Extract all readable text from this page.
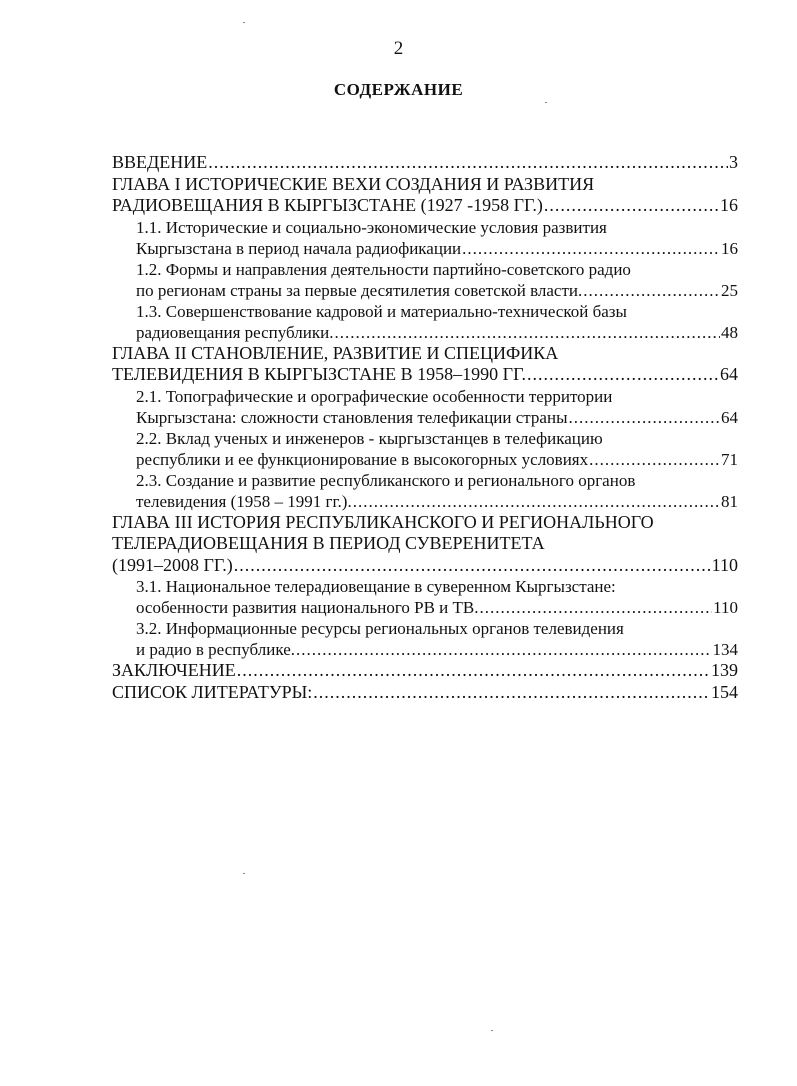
2
СОДЕРЖАНИЕ
ВВЕДЕНИЕ .....	3
ГЛАВА I ИСТОРИЧЕСКИЕ ВЕХИ СОЗДАНИЯ И РАЗВИТИЯ
РАДИОВЕЩАНИЯ В КЫРГЫЗСТАНЕ (1927 -1958 ГГ.) .....	16
1.1. Исторические и социально-экономические условия развития
Кыргызстана в период начала радиофикации .....	16
1.2. Формы и направления деятельности партийно-советского радио
по регионам страны за первые десятилетия советской власти. .....	25
1.3. Совершенствование кадровой и материально-технической базы
радиовещания республики. .....	48
ГЛАВА II СТАНОВЛЕНИЕ, РАЗВИТИЕ И СПЕЦИФИКА
ТЕЛЕВИДЕНИЯ В КЫРГЫЗСТАНЕ В 1958–1990 ГГ. .....	64
2.1. Топографические и орографические особенности территории
Кыргызстана: сложности становления телефикации страны .....	64
2.2. Вклад ученых и инженеров - кыргызстанцев в телефикацию
республики и ее функционирование в высокогорных условиях .....	71
2.3. Создание и развитие республиканского и регионального органов
телевидения (1958 – 1991 гг.). .....	81
ГЛАВА III ИСТОРИЯ РЕСПУБЛИКАНСКОГО И РЕГИОНАЛЬНОГО
ТЕЛЕРАДИОВЕЩАНИЯ В ПЕРИОД СУВЕРЕНИТЕТА
(1991–2008 ГГ.) .....	110
3.1. Национальное телерадиовещание в суверенном Кыргызстане:
особенности развития национального РВ и ТВ. .....	110
3.2. Информационные ресурсы региональных органов телевидения
и радио в республике. .....	134
ЗАКЛЮЧЕНИЕ .....	139
СПИСОК ЛИТЕРАТУРЫ: .....	154
